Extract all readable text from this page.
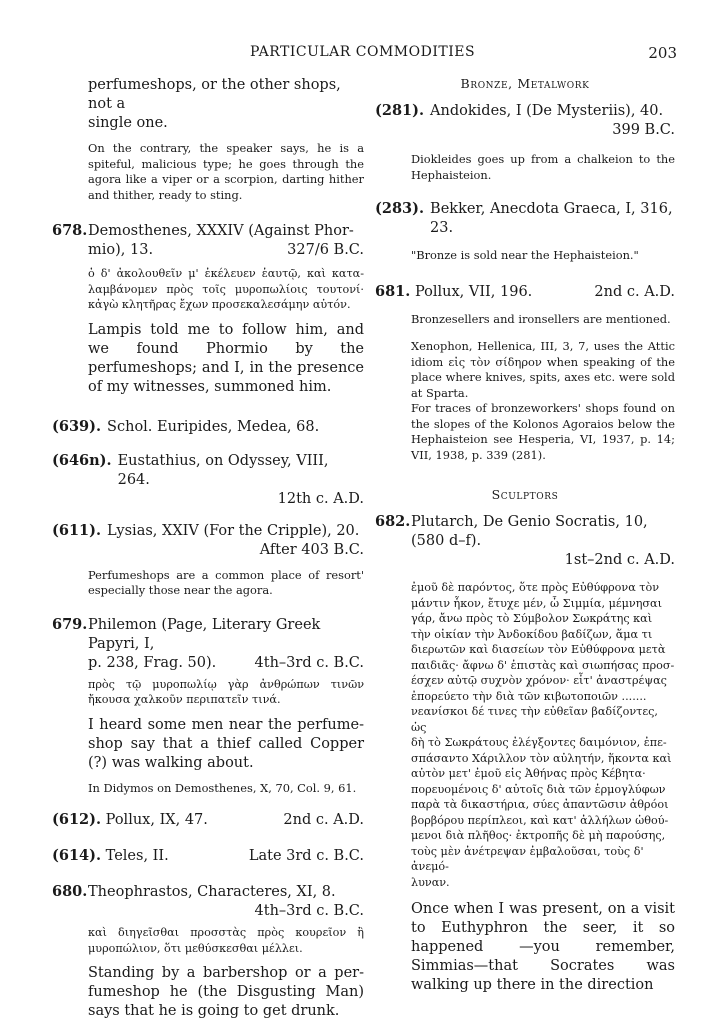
PARTICULAR COMMODITIES	203

perfumeshops, or the other shops, not a
single one.

On the contrary, the speaker says, he is a spiteful, malicious type; he goes through the agora like a viper or a scorpion, darting hither and thither, ready to sting.

678. Demosthenes, XXXIV (Against Phor-
mio), 13.	327/6 B.C.

ὁ δ' ἀκολουθεῖν μ' ἐκέλευεν ἑαυτῷ, καὶ καταλαμβάνομεν πρὸς τοῖς μυροπωλίοις τουτονί· κἀγὼ κλητῆρας ἔχων προσεκαλεσάμην αὐτόν.

Lampis told me to follow him, and we found Phormio by the perfumeshops; and I, in the presence of my witnesses, summoned him.

(639). Schol. Euripides, Medea, 68.
(646n). Eustathius, on Odyssey, VIII, 264.
12th c. A.D.
(611). Lysias, XXIV (For the Cripple), 20.
After 403 B.C.

Perfumeshops are a common place of resort' especially those near the agora.

679. Philemon (Page, Literary Greek Papyri, I,
p. 238, Frag. 50).	4th–3rd c. B.C.

πρὸς τῷ μυροπωλίῳ γὰρ ἀνθρώπων τινῶν ἤκουσα χαλκοῦν περιπατεῖν τινά.

I heard some men near the perfumeshop say that a thief called Copper (?) was walking about.

In Didymos on Demosthenes, X, 70, Col. 9, 61.

(612). Pollux, IX, 47.	2nd c. A.D.
(614). Teles, II.	Late 3rd c. B.C.
680. Theophrastos, Characteres, XI, 8.
4th–3rd c. B.C.

καὶ διηγεῖσθαι προσστὰς πρὸς κουρεῖον ἢ μυροπώλιον, ὅτι μεθύσκεσθαι μέλλει.

Standing by a barbershop or a perfumeshop he (the Disgusting Man) says that he is going to get drunk.

Bronze, Metalwork
(281). Andokides, I (De Mysteriis), 40.
399 B.C.

Diokleides goes up from a chalkeion to the Hephaisteion.

(283). Bekker, Anecdota Graeca, I, 316, 23.

"Bronze is sold near the Hephaisteion."

681. Pollux, VII, 196.	2nd c. A.D.

Bronzesellers and ironsellers are mentioned.

Xenophon, Hellenica, III, 3, 7, uses the Attic idiom εἰς τὸν σίδηρον when speaking of the place where knives, spits, axes etc. were sold at Sparta.

For traces of bronzeworkers' shops found on the slopes of the Kolonos Agoraios below the Hephaisteion see Hesperia, VI, 1937, p. 14; VII, 1938, p. 339 (281).

Sculptors
682. Plutarch, De Genio Socratis, 10, (580 d–f).
1st–2nd c. A.D.
ἐμοῦ δὲ παρόντος, ὅτε πρὸς Εὐθύφρονα τὸν
μάντιν ἧκον, ἔτυχε μέν, ὦ Σιμμία, μέμνησαι
γάρ, ἄνω πρὸς τὸ Σύμβολον Σωκράτης καὶ
τὴν οἰκίαν τὴν Ἀνδοκίδου βαδίζων, ἅμα τι
διερωτῶν καὶ διασείων τὸν Εὐθύφρονα μετὰ
παιδιᾶς· ἄφνω δ' ἐπιστὰς καὶ σιωπήσας προσ-
έσχεν αὐτῷ συχνὸν χρόνον· εἶτ' ἀναστρέψας
ἐπορεύετο τὴν διὰ τῶν κιβωτοποιῶν .......
νεανίσκοι δέ τινες τὴν εὐθεῖαν βαδίζοντες, ὡς
δὴ τὸ Σωκράτους ἐλέγξοντες δαιμόνιον, ἐπε-
σπάσαντο Χάριλλον τὸν αὐλητήν, ἥκοντα καὶ
αὐτὸν μετ' ἐμοῦ εἰς Ἀθήνας πρὸς Κέβητα·
πορευομένοις δ' αὐτοῖς διὰ τῶν ἑρμογλύφων
παρὰ τὰ δικαστήρια, σύες ἀπαντῶσιν ἀθρόοι
βορβόρου περίπλεοι, καὶ κατ' ἀλλήλων ὠθού-
μενοι διὰ πλῆθος· ἐκτροπῆς δὲ μὴ παρούσης,
τοὺς μὲν ἀνέτρεψαν ἐμβαλοῦσαι, τοὺς δ' ἀνεμό-
λυναν.

Once when I was present, on a visit to Euthyphron the seer, it so happened —you remember, Simmias—that Socrates was walking up there in the direction
